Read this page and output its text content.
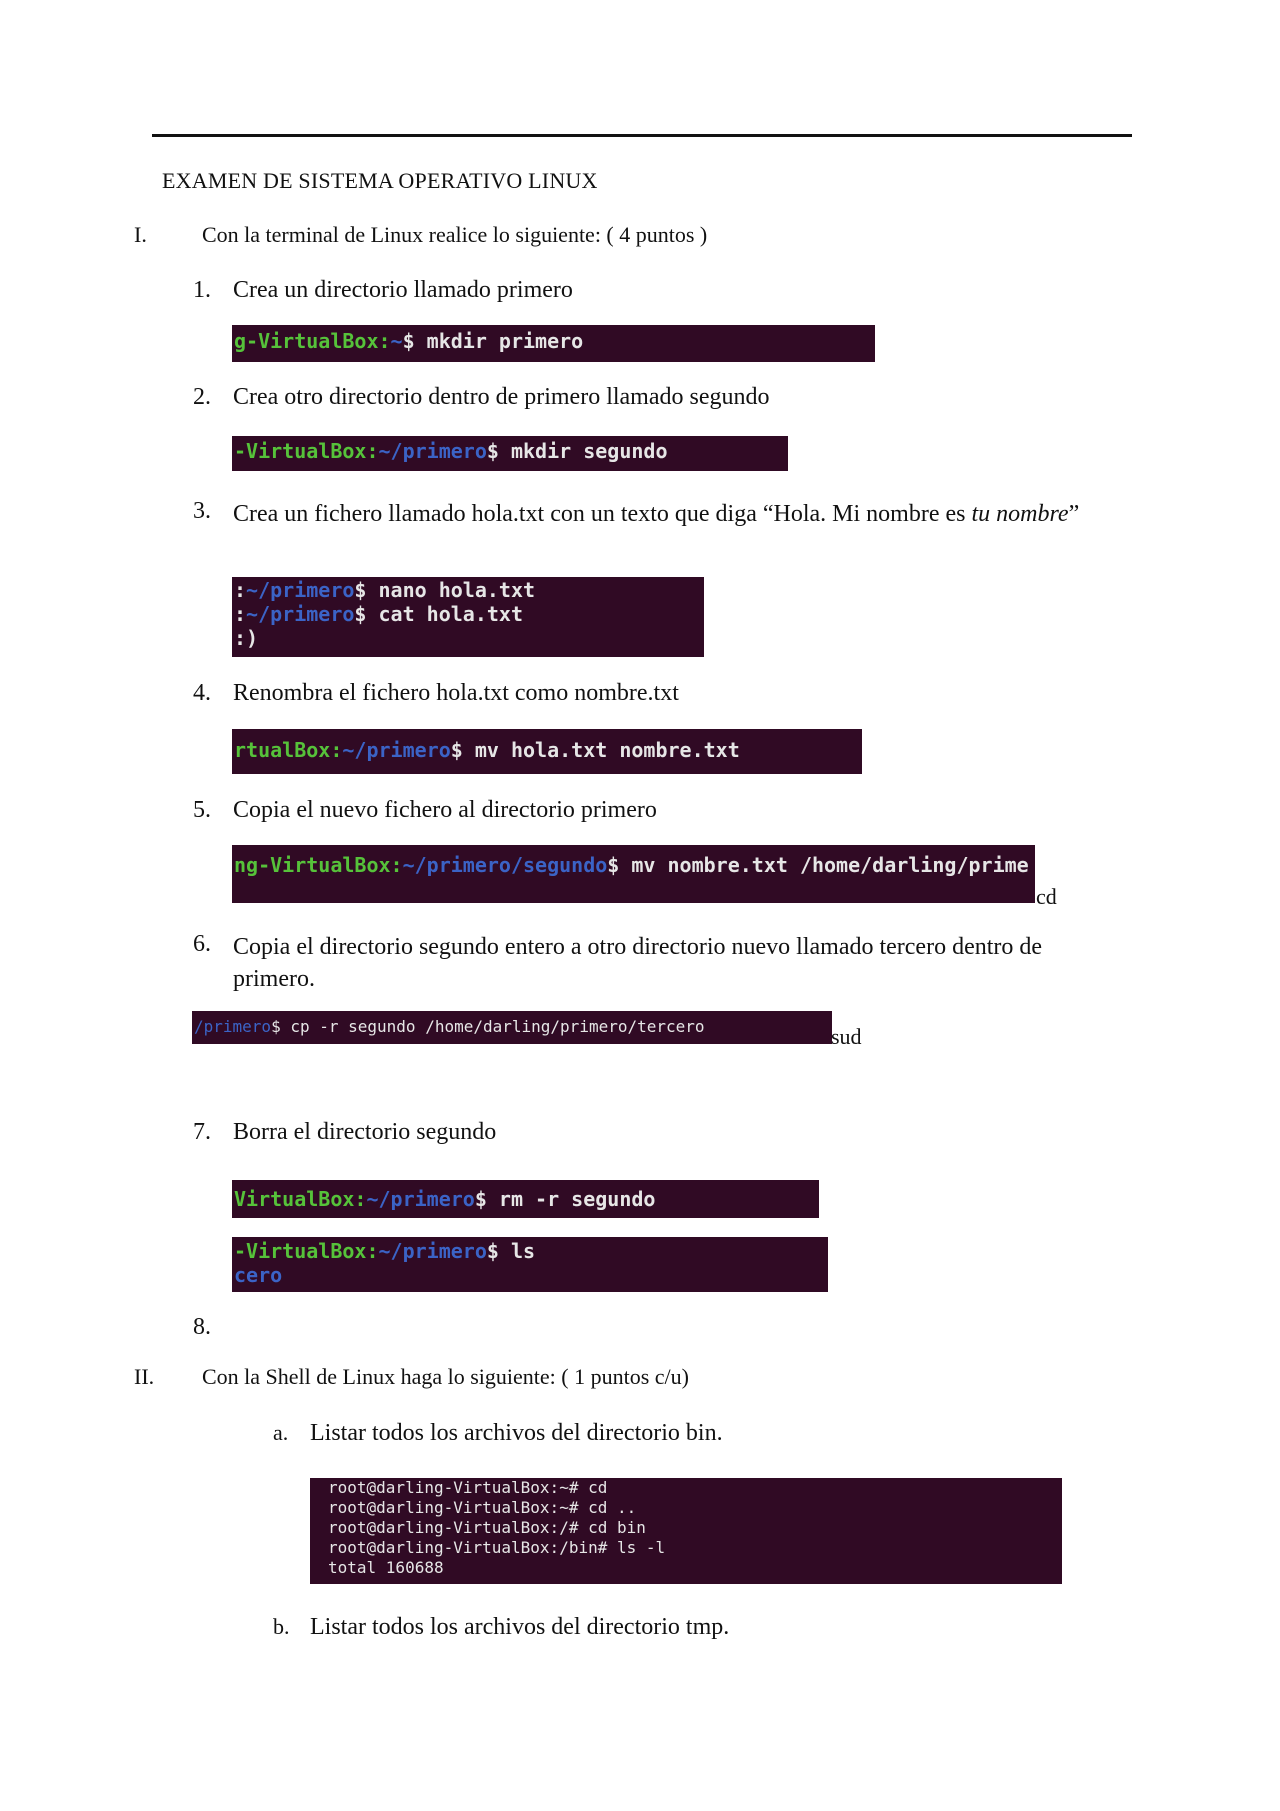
EXAMEN DE SISTEMA OPERATIVO LINUX
I.	Con la terminal de Linux realice lo siguiente: ( 4 puntos )
1. Crea un directorio llamado primero
g-VirtualBox:~$ mkdir primero
2. Crea otro directorio dentro de primero llamado segundo
-VirtualBox:~/primero$ mkdir segundo
3. Crea un fichero llamado hola.txt con un texto que diga “Hola. Mi nombre es tu nombre”
:~/primero$ nano hola.txt
:~/primero$ cat hola.txt
:)
4. Renombra el fichero hola.txt como nombre.txt
rtualBox:~/primero$ mv hola.txt nombre.txt
5. Copia el nuevo fichero al directorio primero
ng-VirtualBox:~/primero/segundo$ mv nombre.txt /home/darling/prime
cd
6. Copia el directorio segundo entero a otro directorio nuevo llamado tercero dentro de primero.
/primero$ cp -r segundo /home/darling/primero/tercero	sud
7. Borra el directorio segundo
VirtualBox:~/primero$ rm -r segundo
-VirtualBox:~/primero$ ls
cero
8.
II. Con la Shell de Linux haga lo siguiente: ( 1 puntos c/u)
a. Listar todos los archivos del directorio bin.
root@darling-VirtualBox:~# cd
root@darling-VirtualBox:~# cd ..
root@darling-VirtualBox:/# cd bin
root@darling-VirtualBox:/bin# ls -l
total 160688
b. Listar todos los archivos del directorio tmp.
